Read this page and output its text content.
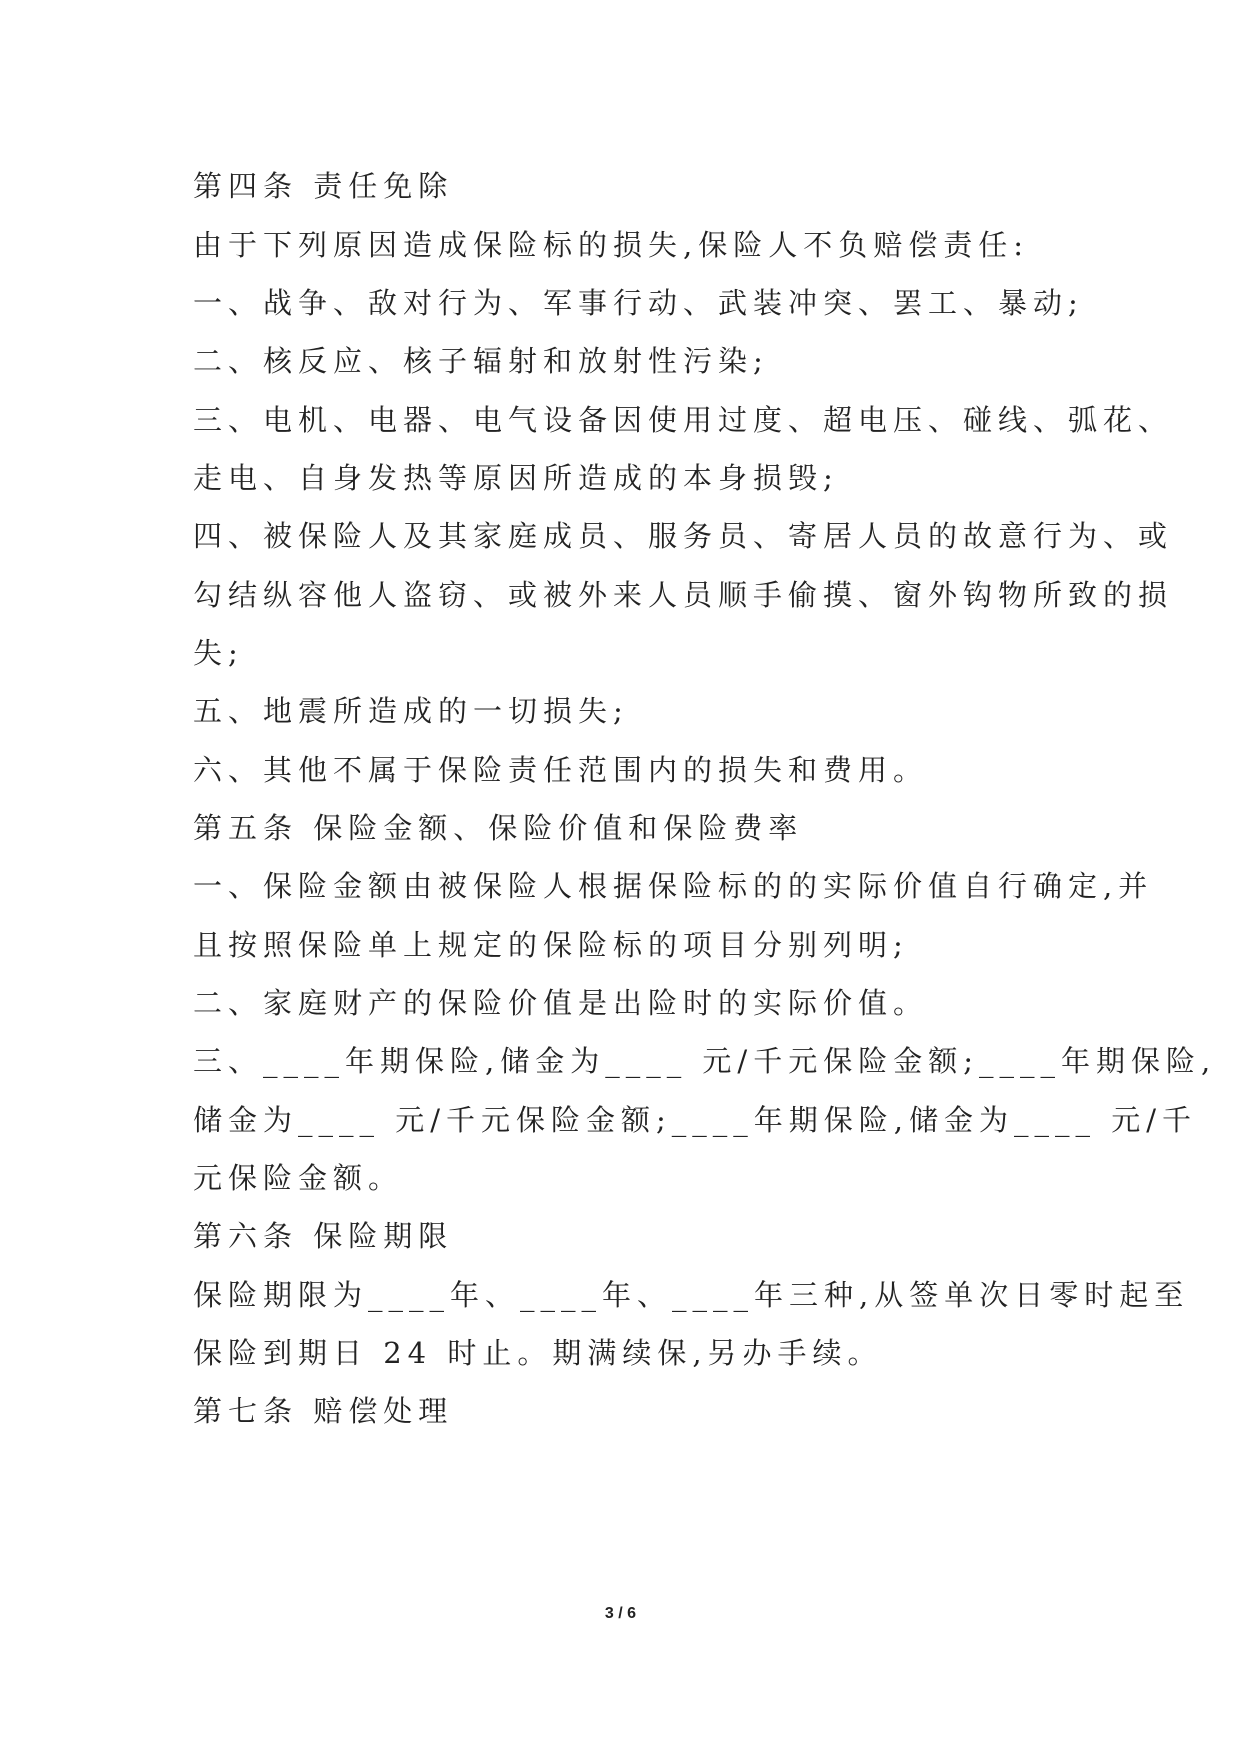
第四条 责任免除
由于下列原因造成保险标的损失,保险人不负赔偿责任:
一、战争、敌对行为、军事行动、武装冲突、罢工、暴动;
二、核反应、核子辐射和放射性污染;
三、电机、电器、电气设备因使用过度、超电压、碰线、弧花、
走电、自身发热等原因所造成的本身损毁;
四、被保险人及其家庭成员、服务员、寄居人员的故意行为、或
勾结纵容他人盗窃、或被外来人员顺手偷摸、窗外钩物所致的损
失;
五、地震所造成的一切损失;
六、其他不属于保险责任范围内的损失和费用。
第五条 保险金额、保险价值和保险费率
一、保险金额由被保险人根据保险标的的实际价值自行确定,并
且按照保险单上规定的保险标的项目分别列明;
二、家庭财产的保险价值是出险时的实际价值。
三、____年期保险,储金为____ 元/千元保险金额;____年期保险,
储金为____ 元/千元保险金额;____年期保险,储金为____ 元/千
元保险金额。
第六条 保险期限
保险期限为____年、____年、____年三种,从签单次日零时起至
保险到期日 24 时止。期满续保,另办手续。
第七条 赔偿处理
3 / 6
